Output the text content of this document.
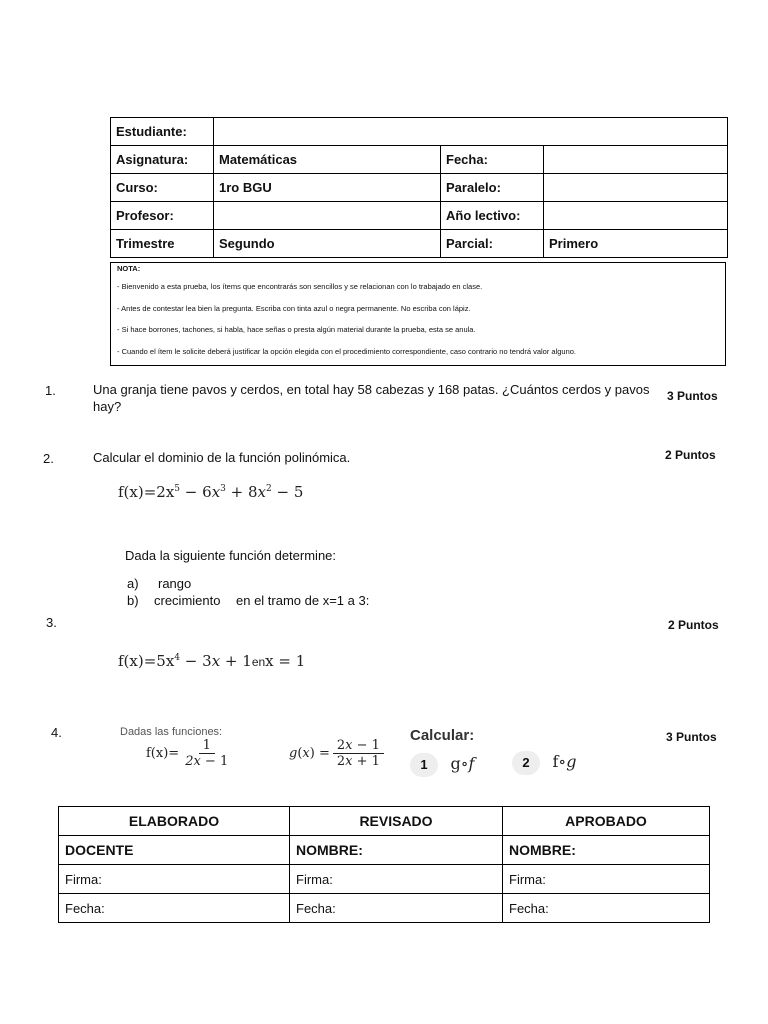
Estudiante:			
Asignatura:	Matemáticas	Fecha:	
Curso:	1ro BGU	Paralelo:	
Profesor:		Año lectivo:	
Trimestre	Segundo	Parcial:	Primero
NOTA:
- Bienvenido a esta prueba, los ítems que encontrarás son sencillos y se relacionan con lo trabajado en clase.
- Antes de contestar lea bien la pregunta. Escriba con tinta azul o negra permanente. No escriba con lápiz.
- Si hace borrones, tachones, si habla, hace señas o presta algún material durante la prueba, esta se anula.
- Cuando el ítem le solicite deberá justificar la opción elegida con el procedimiento correspondiente, caso contrario no tendrá valor alguno.
1.	Una granja tiene pavos y cerdos, en total hay 58 cabezas y 168 patas. ¿Cuántos cerdos y pavos hay?
3 Puntos
2.	Calcular el dominio de la función polinómica.	2 Puntos
$f(x)=2x^5 - 6x^3 + 8x^2 - 5$
Dada la siguiente función determine:
a) rango
b) crecimiento en el tramo de x=1 a 3:
3.	2 Puntos
$f(x)=5x^4 - 3x + 1enx = 1$
4.	Dadas las funciones:
$f(x)= \frac{1}{2x - 1}$	$g(x) = \frac{2x - 1}{2x + 1}$
Calcular:
1 g∘f	2 f∘g
3 Puntos
ELABORADO	REVISADO	APROBADO
DOCENTE	NOMBRE:	NOMBRE:
Firma:	Firma:	Firma:
Fecha:	Fecha:	Fecha:
